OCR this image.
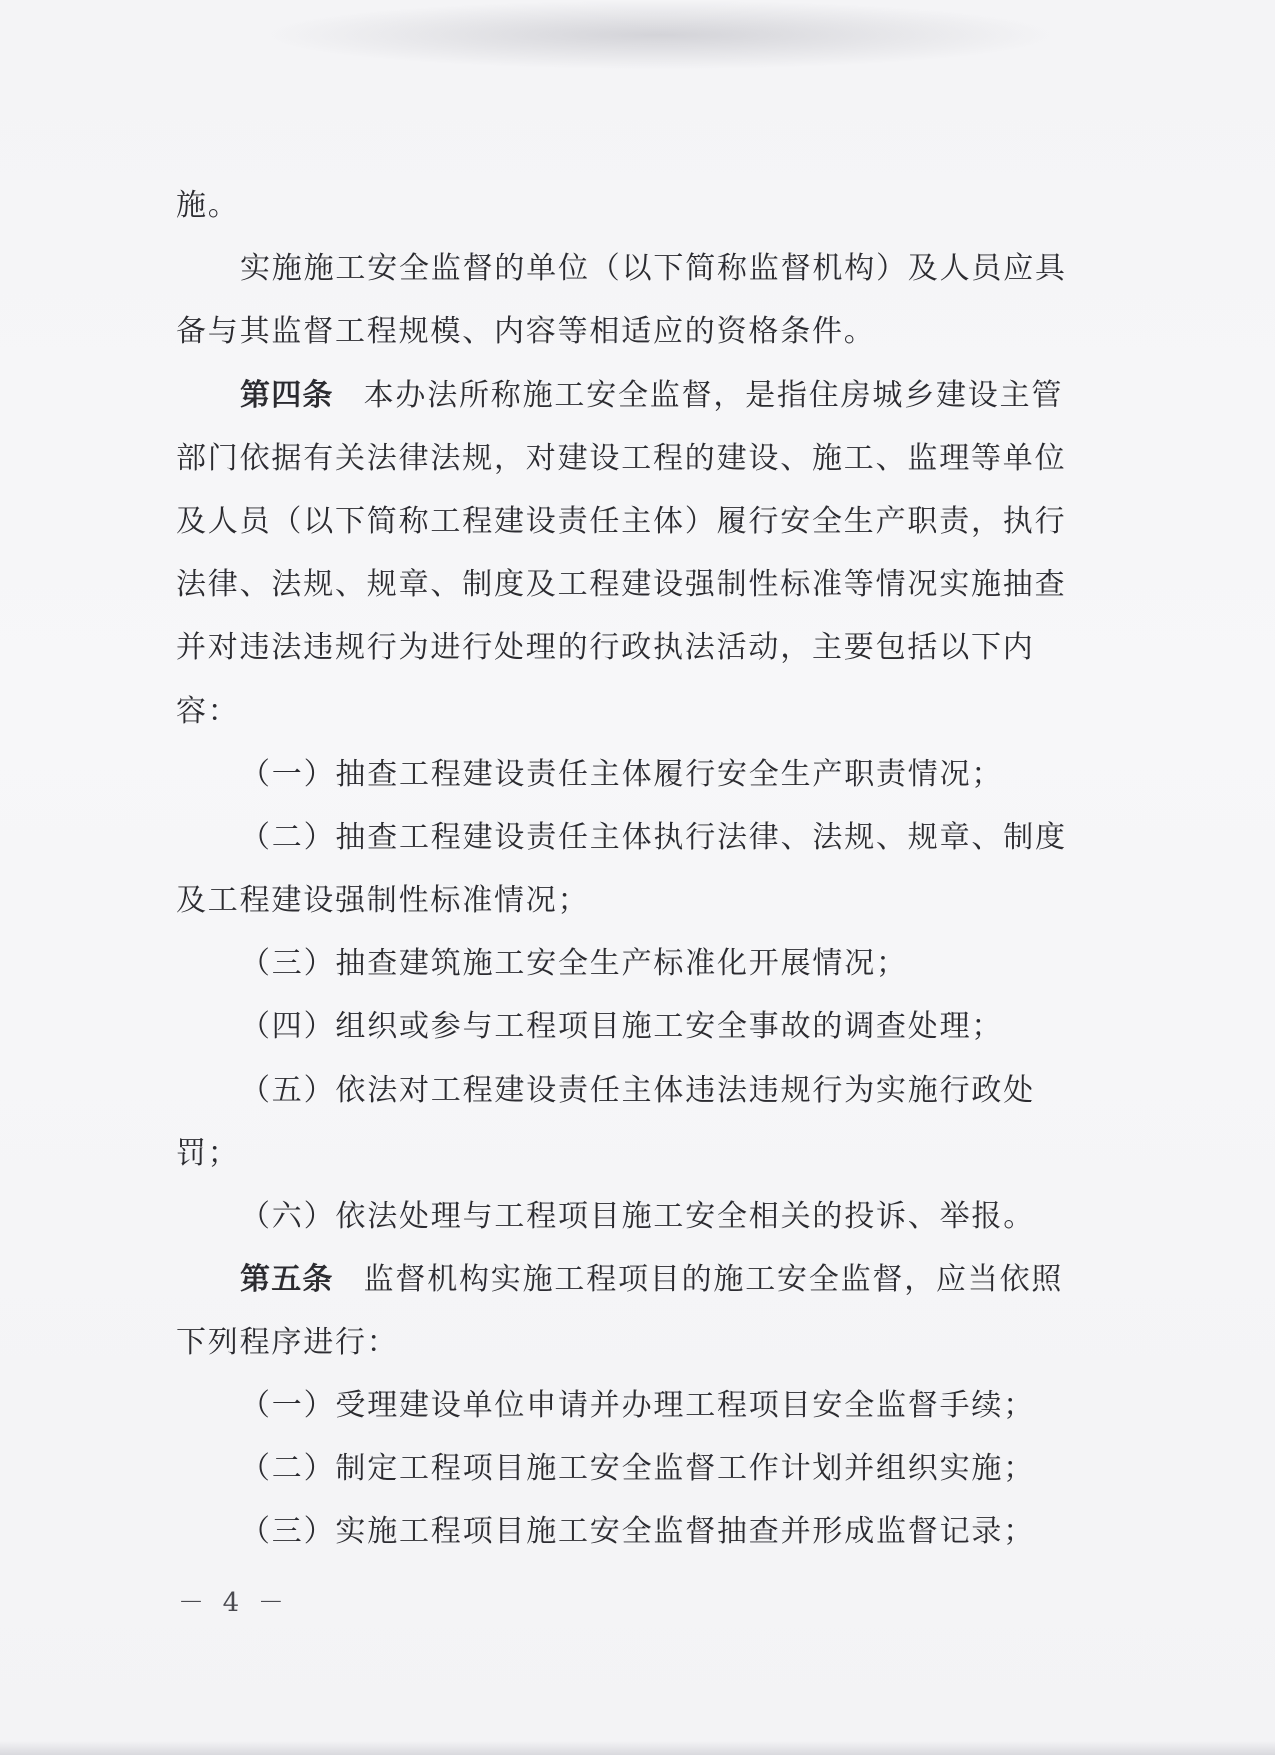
施。
实施施工安全监督的单位（以下简称监督机构）及人员应具
备与其监督工程规模、内容等相适应的资格条件。
第四条 本办法所称施工安全监督，是指住房城乡建设主管
部门依据有关法律法规，对建设工程的建设、施工、监理等单位
及人员（以下简称工程建设责任主体）履行安全生产职责，执行
法律、法规、规章、制度及工程建设强制性标准等情况实施抽查
并对违法违规行为进行处理的行政执法活动，主要包括以下内
容：
（一）抽查工程建设责任主体履行安全生产职责情况；
（二）抽查工程建设责任主体执行法律、法规、规章、制度
及工程建设强制性标准情况；
（三）抽查建筑施工安全生产标准化开展情况；
（四）组织或参与工程项目施工安全事故的调查处理；
（五）依法对工程建设责任主体违法违规行为实施行政处
罚；
（六）依法处理与工程项目施工安全相关的投诉、举报。
第五条 监督机构实施工程项目的施工安全监督，应当依照
下列程序进行：
（一）受理建设单位申请并办理工程项目安全监督手续；
（二）制定工程项目施工安全监督工作计划并组织实施；
（三）实施工程项目施工安全监督抽查并形成监督记录；
－ 4 －
